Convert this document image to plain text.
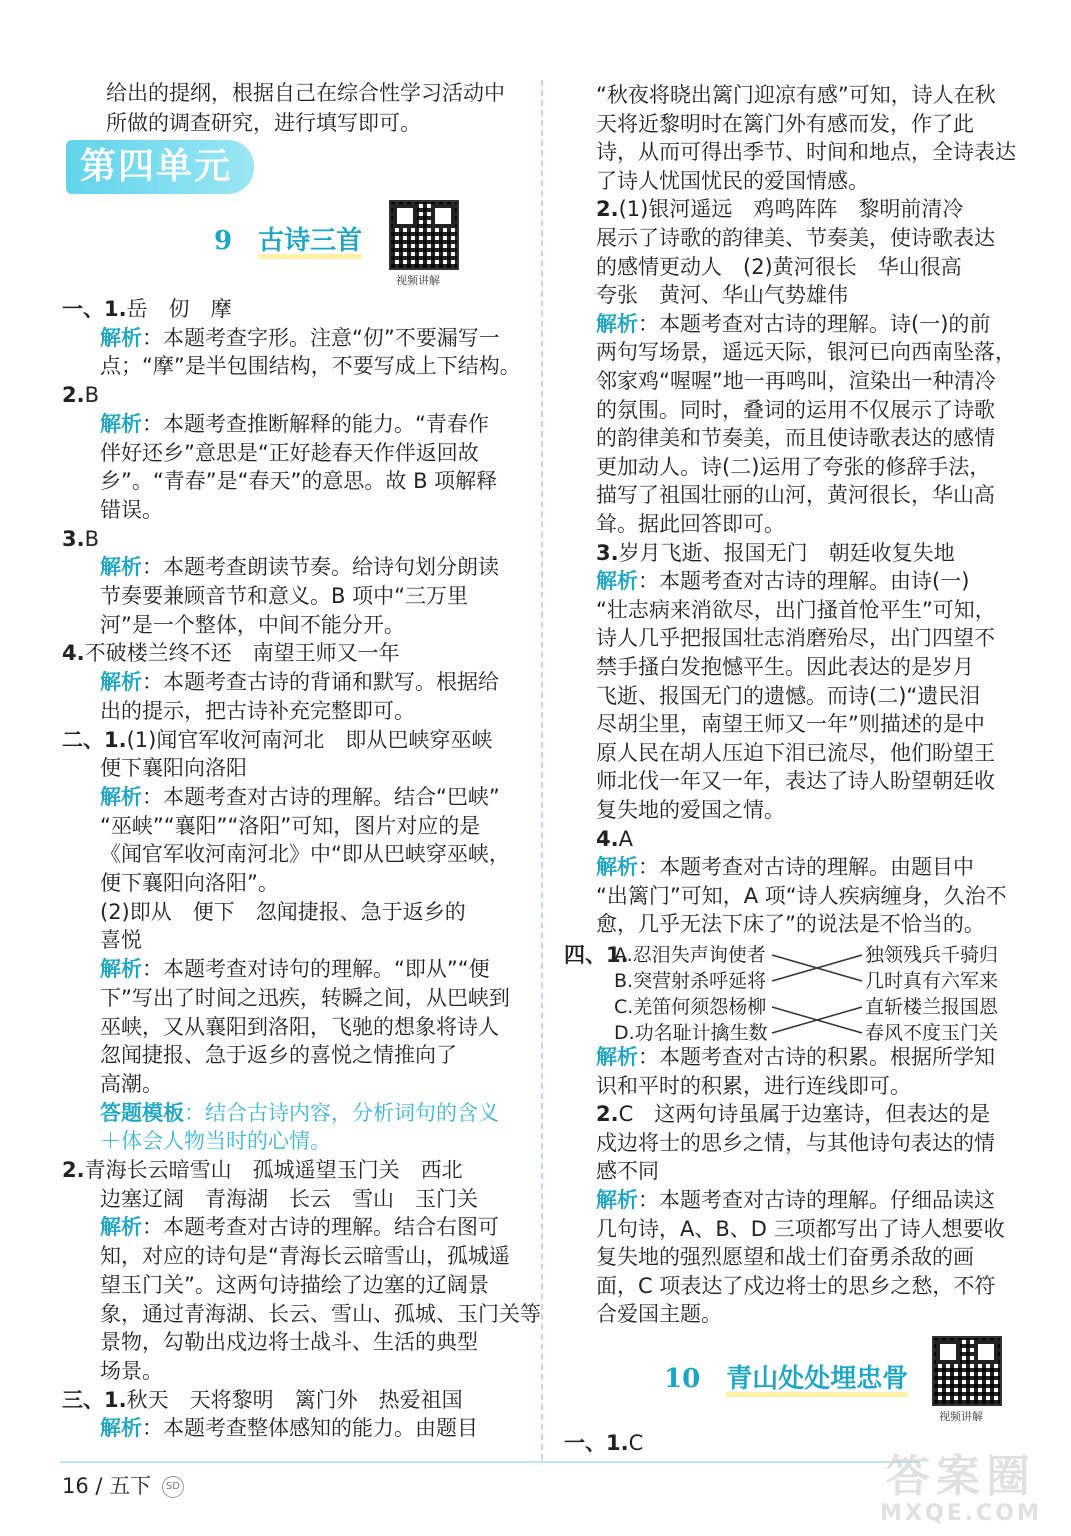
给出的提纲，根据自己在综合性学习活动中
所做的调查研究，进行填写即可。
第四单元
9 古诗三首
视频讲解
一、1.岳　仞　摩
解析：本题考查字形。注意“仞”不要漏写一
点；“摩”是半包围结构，不要写成上下结构。
2.B
解析：本题考查推断解释的能力。“青春作
伴好还乡”意思是“正好趁春天作伴返回故
乡”。“青春”是“春天”的意思。故 B 项解释
错误。
3.B
解析：本题考查朗读节奏。给诗句划分朗读
节奏要兼顾音节和意义。B 项中“三万里
河”是一个整体，中间不能分开。
4.不破楼兰终不还　南望王师又一年
解析：本题考查古诗的背诵和默写。根据给
出的提示，把古诗补充完整即可。
二、1.(1)闻官军收河南河北　即从巴峡穿巫峡
便下襄阳向洛阳
解析：本题考查对古诗的理解。结合“巴峡”
“巫峡”“襄阳”“洛阳”可知，图片对应的是
《闻官军收河南河北》中“即从巴峡穿巫峡，
便下襄阳向洛阳”。
(2)即从　便下　忽闻捷报、急于返乡的
喜悦
解析：本题考查对诗句的理解。“即从”“便
下”写出了时间之迅疾，转瞬之间，从巴峡到
巫峡，又从襄阳到洛阳，飞驰的想象将诗人
忽闻捷报、急于返乡的喜悦之情推向了
高潮。
答题模板：结合古诗内容，分析词句的含义
＋体会人物当时的心情。
2.青海长云暗雪山　孤城遥望玉门关　西北
边塞辽阔　青海湖　长云　雪山　玉门关
解析：本题考查对古诗的理解。结合右图可
知，对应的诗句是“青海长云暗雪山，孤城遥
望玉门关”。这两句诗描绘了边塞的辽阔景
象，通过青海湖、长云、雪山、孤城、玉门关等
景物，勾勒出戍边将士战斗、生活的典型
场景。
三、1.秋天　天将黎明　篱门外　热爱祖国
解析：本题考查整体感知的能力。由题目
“秋夜将晓出篱门迎凉有感”可知，诗人在秋
天将近黎明时在篱门外有感而发，作了此
诗，从而可得出季节、时间和地点，全诗表达
了诗人忧国忧民的爱国情感。
2.(1)银河遥远　鸡鸣阵阵　黎明前清冷
展示了诗歌的韵律美、节奏美，使诗歌表达
的感情更动人　(2)黄河很长　华山很高
夸张　黄河、华山气势雄伟
解析：本题考查对古诗的理解。诗(一)的前
两句写场景，遥远天际，银河已向西南坠落，
邻家鸡“喔喔”地一再鸣叫，渲染出一种清冷
的氛围。同时，叠词的运用不仅展示了诗歌
的韵律美和节奏美，而且使诗歌表达的感情
更加动人。诗(二)运用了夸张的修辞手法，
描写了祖国壮丽的山河，黄河很长，华山高
耸。据此回答即可。
3.岁月飞逝、报国无门　朝廷收复失地
解析：本题考查对古诗的理解。由诗(一)
“壮志病来消欲尽，出门搔首怆平生”可知，
诗人几乎把报国壮志消磨殆尽，出门四望不
禁手搔白发抱憾平生。因此表达的是岁月
飞逝、报国无门的遗憾。而诗(二)“遗民泪
尽胡尘里，南望王师又一年”则描述的是中
原人民在胡人压迫下泪已流尽，他们盼望王
师北伐一年又一年，表达了诗人盼望朝廷收
复失地的爱国之情。
4.A
解析：本题考查对古诗的理解。由题目中
“出篱门”可知，A 项“诗人疾病缠身，久治不
愈，几乎无法下床了”的说法是不恰当的。
四、1.
A.忍泪失声询使者
B.突营射杀呼延将
C.羌笛何须怨杨柳
D.功名耻计擒生数
独领残兵千骑归
几时真有六军来
直斩楼兰报国恩
春风不度玉门关
解析：本题考查对古诗的积累。根据所学知
识和平时的积累，进行连线即可。
2.C　这两句诗虽属于边塞诗，但表达的是
戍边将士的思乡之情，与其他诗句表达的情
感不同
解析：本题考查对古诗的理解。仔细品读这
几句诗，A、B、D 三项都写出了诗人想要收
复失地的强烈愿望和战士们奋勇杀敌的画
面，C 项表达了戍边将士的思乡之愁，不符
合爱国主题。
10 青山处处埋忠骨
视频讲解
一、1.C
16 / 五下 SD	答案圈
MXQE.COM
